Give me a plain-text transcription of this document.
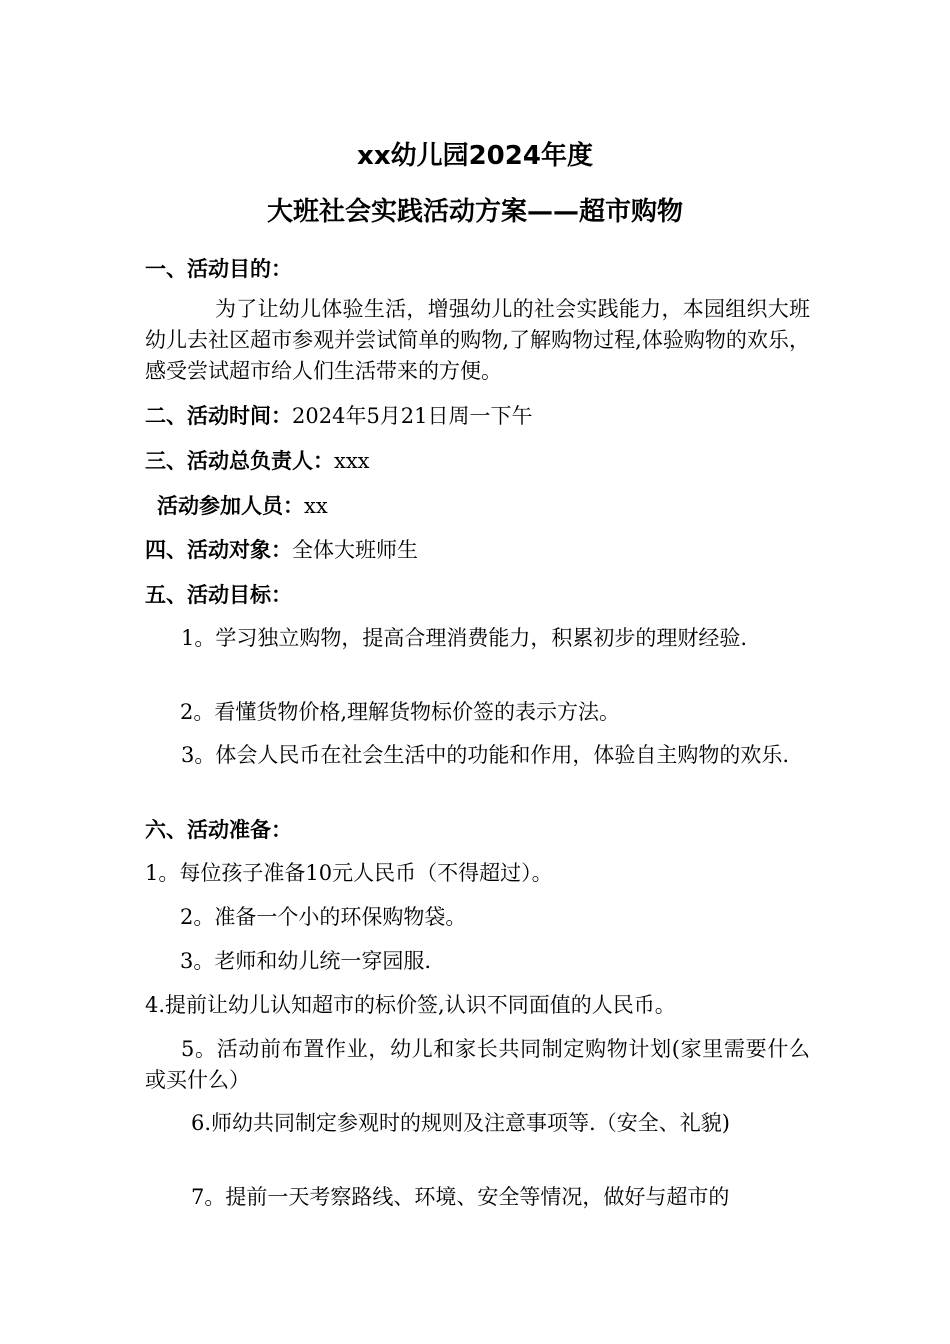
xx幼儿园2024年度
大班社会实践活动方案——超市购物
一、活动目的：
为了让幼儿体验生活，增强幼儿的社会实践能力，本园组织大班幼儿去社区超市参观并尝试简单的购物,了解购物过程,体验购物的欢乐，感受尝试超市给人们生活带来的方便。
二、活动时间：2024年5月21日周一下午
三、活动总负责人：xxx
活动参加人员：xx
四、活动对象：全体大班师生
五、活动目标：
1。学习独立购物，提高合理消费能力，积累初步的理财经验.
2。看懂货物价格,理解货物标价签的表示方法。
3。体会人民币在社会生活中的功能和作用，体验自主购物的欢乐.
六、活动准备：
1。每位孩子准备10元人民币（不得超过）。
2。准备一个小的环保购物袋。
3。老师和幼儿统一穿园服.
4.提前让幼儿认知超市的标价签,认识不同面值的人民币。
5。活动前布置作业，幼儿和家长共同制定购物计划(家里需要什么或买什么）
6.师幼共同制定参观时的规则及注意事项等.（安全、礼貌)
7。提前一天考察路线、环境、安全等情况，做好与超市的
